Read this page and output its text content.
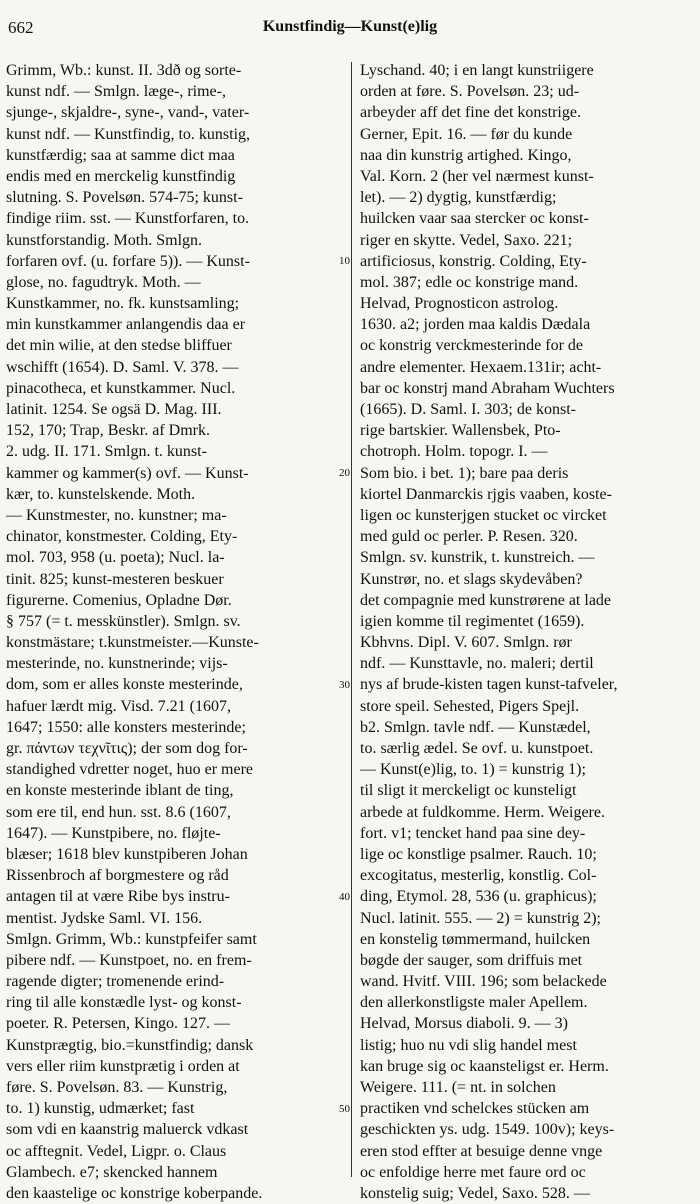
662	Kunstfindig—Kunst(e)lig
Grimm, Wb.: kunst. II. 3dð og sorte-
kunst ndf. — Smlgn. læge-, rime-,
sjunge-, skjaldre-, syne-, vand-, vater-
kunst ndf. — Kunstfindig, to. kunstig,
kunstfærdig; saa at samme dict maa
endis med en merckelig kunstfindig
slutning. S. Povelsøn. 574-75; kunst-
findige riim. sst. — Kunstforfaren, to.
kunstforstandig. Moth. Smlgn.
forfaren ovf. (u. forfare 5)). — Kunst-
glose, no. fagudtryk. Moth. —
Kunstkammer, no. fk. kunstsamling;
min kunstkammer anlangendis daa er
det min wilie, at den stedse bliffuer
wschifft (1654). D. Saml. V. 378. —
pinacotheca, et kunstkammer. Nucl.
latinit. 1254. Se ogsä D. Mag. III.
152, 170; Trap, Beskr. af Dmrk.
2. udg. II. 171. Smlgn. t. kunst-
kammer og kammer(s) ovf. — Kunst-
kær, to. kunstelskende. Moth.
— Kunstmester, no. kunstner; ma-
chinator, konstmester. Colding, Ety-
mol. 703, 958 (u. poeta); Nucl. la-
tinit. 825; kunst-mesteren beskuer
figurerne. Comenius, Opladne Dør.
§ 757 (= t. messkünstler). Smlgn. sv.
konstmästare; t.kunstmeister.—Kunste-
mesterinde, no. kunstnerinde; vijs-
dom, som er alles konste mesterinde,
hafuer lærdt mig. Visd. 7.21 (1607,
1647; 1550: alle konsters mesterinde;
gr. πάντων τεχνῖτις); der som dog for-
standighed vdretter noget, huo er mere
en konste mesterinde iblant de ting,
som ere til, end hun. sst. 8.6 (1607,
1647). — Kunstpibere, no. fløjte-
blæser; 1618 blev kunstpiberen Johan
Rissenbroch af borgmestere og råd
antagen til at være Ribe bys instru-
mentist. Jydske Saml. VI. 156.
Smlgn. Grimm, Wb.: kunstpfeifer samt
pibere ndf. — Kunstpoet, no. en frem-
ragende digter; tromenende erind-
ring til alle konstædle lyst- og konst-
poeter. R. Petersen, Kingo. 127. —
Kunstprægtig, bio.=kunstfindig; dansk
vers eller riim kunstprætig i orden at
føre. S. Povelsøn. 83. — Kunstrig,
to. 1) kunstig, udmærket; fast
som vdi en kaanstrig maluerck vdkast
oc afftegnit. Vedel, Ligpr. o. Claus
Glambech. e7; skencked hannem
den kaastelige oc konstrige koberpande.
10
20
30
40
50
Lyschand. 40; i en langt kunstriigere
orden at føre. S. Povelsøn. 23; ud-
arbeyder aff det fine det konstrige.
Gerner, Epit. 16. — før du kunde
naa din kunstrig artighed. Kingo,
Val. Korn. 2 (her vel nærmest kunst-
let). — 2) dygtig, kunstfærdig;
huilcken vaar saa stercker oc konst-
riger en skytte. Vedel, Saxo. 221;
artificiosus, konstrig. Colding, Ety-
mol. 387; edle oc konstrige mand.
Helvad, Prognosticon astrolog.
1630. a2; jorden maa kaldis Dædala
oc konstrig verckmesterinde for de
andre elementer. Hexaem.131ir; acht-
bar oc konstrj mand Abraham Wuchters
(1665). D. Saml. I. 303; de konst-
rige bartskier. Wallensbek, Pto-
chotroph. Holm. topogr. I. —
Som bio. i bet. 1); bare paa deris
kiortel Danmarckis rjgis vaaben, koste-
ligen oc kunsterjgen stucket oc vircket
med guld oc perler. P. Resen. 320.
Smlgn. sv. kunstrik, t. kunstreich. —
Kunstrør, no. et slags skydevåben?
det compagnie med kunstrørene at lade
igien komme til regimentet (1659).
Kbhvns. Dipl. V. 607. Smlgn. rør
ndf. — Kunsttavle, no. maleri; dertil
nys af brude-kisten tagen kunst-tafveler,
store speil. Sehested, Pigers Spejl.
b2. Smlgn. tavle ndf. — Kunstædel,
to. særlig ædel. Se ovf. u. kunstpoet.
— Kunst(e)lig, to. 1) = kunstrig 1);
til sligt it merckeligt oc kunsteligt
arbede at fuldkomme. Herm. Weigere.
fort. v1; tencket hand paa sine dey-
lige oc konstlige psalmer. Rauch. 10;
excogitatus, mesterlig, konstlig. Col-
ding, Etymol. 28, 536 (u. graphicus);
Nucl. latinit. 555. — 2) = kunstrig 2);
en konstelig tømmermand, huilcken
bøgde der sauger, som driffuis met
wand. Hvitf. VIII. 196; som belackede
den allerkonstligste maler Apellem.
Helvad, Morsus diaboli. 9. — 3)
listig; huo nu vdi slig handel mest
kan bruge sig oc kaansteligst er. Herm.
Weigere. 111. (= nt. in solchen
practiken vnd schelckes stücken am
geschickten ys. udg. 1549. 100v); keys-
eren stod effter at besuige denne vnge
oc enfoldige herre met faure ord oc
konstelig suig; Vedel, Saxo. 528. —
